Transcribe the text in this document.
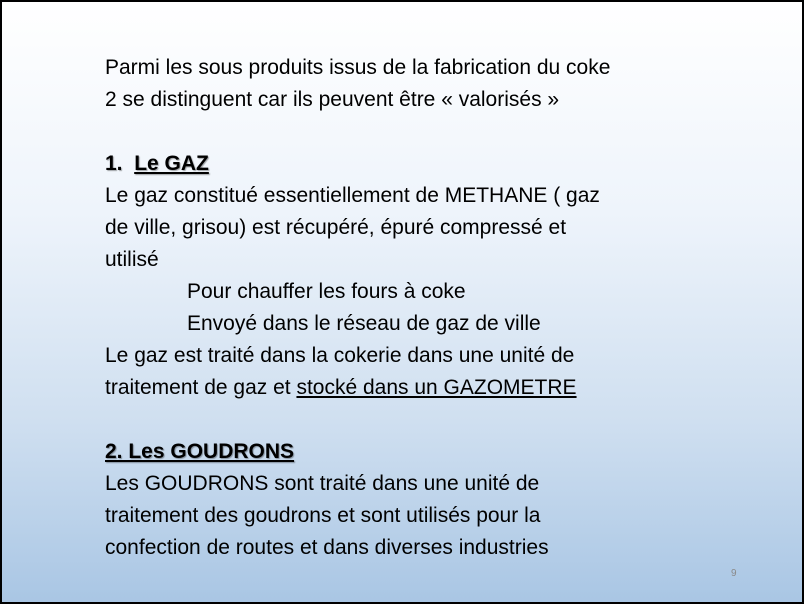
Parmi les sous produits issus de la fabrication du coke
2 se distinguent car ils peuvent être « valorisés »
1. Le GAZ
Le gaz constitué essentiellement de METHANE ( gaz
de ville, grisou) est récupéré, épuré compressé et
utilisé
Pour chauffer les fours à coke
Envoyé dans le réseau de gaz de ville
Le gaz est traité dans la cokerie dans une unité de
traitement de gaz et stocké dans un GAZOMETRE
2. Les GOUDRONS
Les GOUDRONS sont traité dans une unité de
traitement des goudrons et sont utilisés pour la
confection de routes et dans diverses industries
9
